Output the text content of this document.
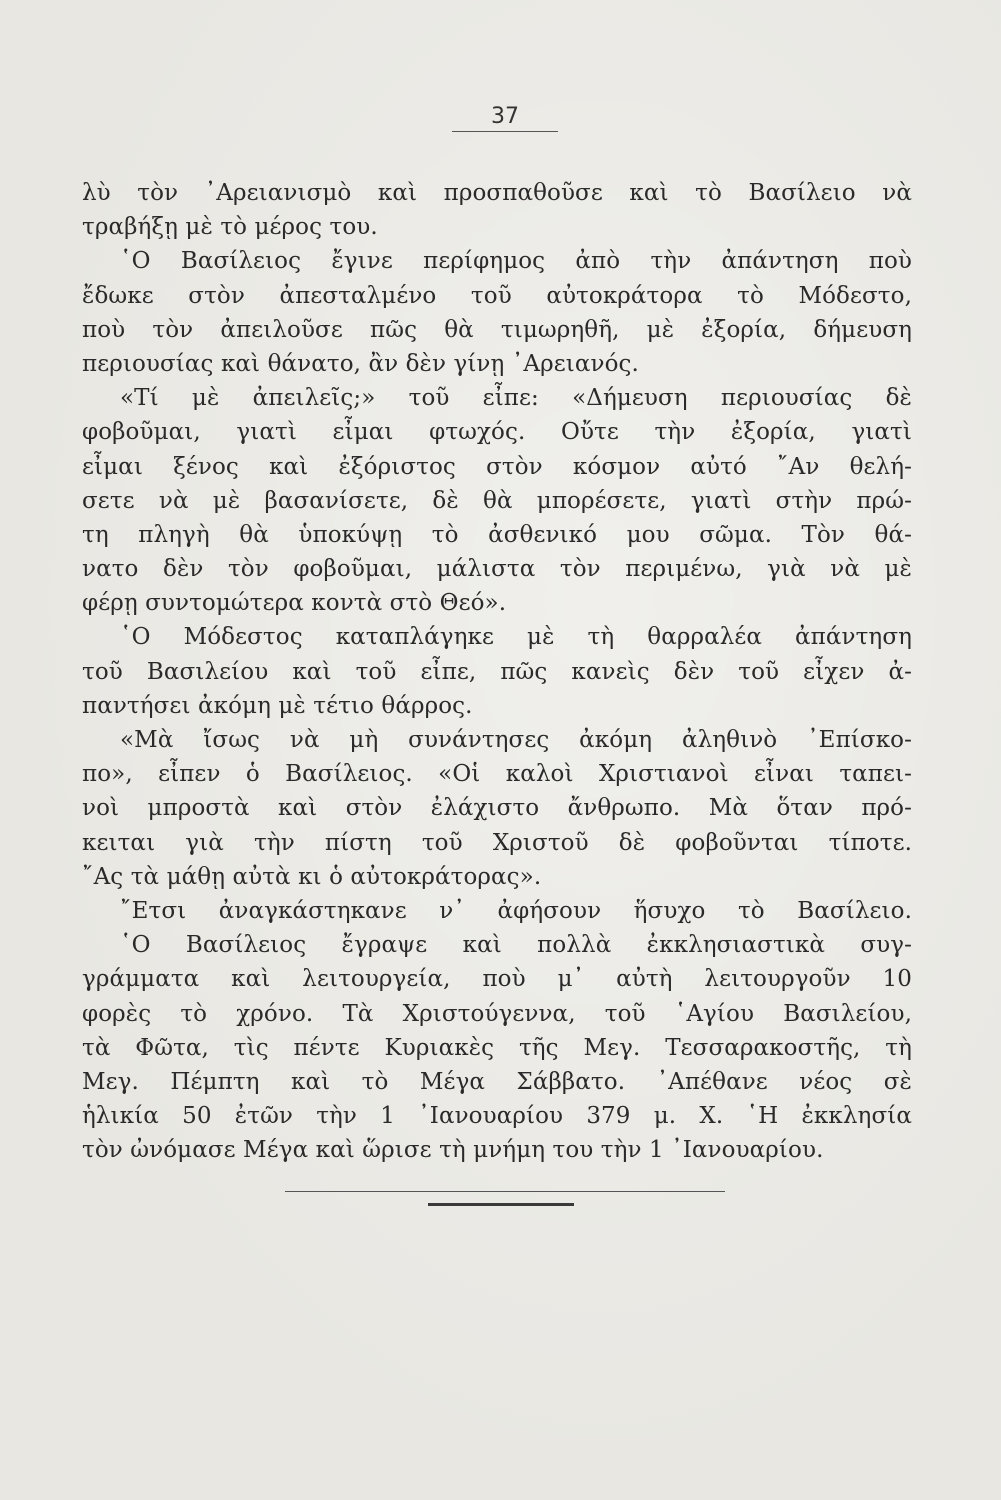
37
λὺ τὸν ᾿Αρειανισμὸ καὶ προσπαθοῦσε καὶ τὸ Βασίλειο νὰ
τραβήξῃ μὲ τὸ μέρος του.
῾Ο Βασίλειος ἔγινε περίφημος ἀπὸ τὴν ἀπάντηση ποὺ
ἔδωκε στὸν ἀπεσταλμένο τοῦ αὐτοκράτορα τὸ Μόδεστο,
ποὺ τὸν ἀπειλοῦσε πῶς θὰ τιμωρηθῆ, μὲ ἐξορία, δήμευση
περιουσίας καὶ θάνατο, ἂν δὲν γίνῃ ᾿Αρειανός.
«Τί μὲ ἀπειλεῖς;» τοῦ εἶπε: «Δήμευση περιουσίας δὲ
φοβοῦμαι, γιατὶ εἶμαι φτωχός. Οὔτε τὴν ἐξορία, γιατὶ
εἶμαι ξένος καὶ ἐξόριστος στὸν κόσμον αὐτό ῎Αν θελή-
σετε νὰ μὲ βασανίσετε, δὲ θὰ μπορέσετε, γιατὶ στὴν πρώ-
τη πληγὴ θὰ ὑποκύψῃ τὸ ἀσθενικό μου σῶμα. Τὸν θά-
νατο δὲν τὸν φοβοῦμαι, μάλιστα τὸν περιμένω, γιὰ νὰ μὲ
φέρῃ συντομώτερα κοντὰ στὸ Θεό».
῾Ο Μόδεστος καταπλάγηκε μὲ τὴ θαρραλέα ἀπάντηση
τοῦ Βασιλείου καὶ τοῦ εἶπε, πῶς κανεὶς δὲν τοῦ εἶχεν ἀ-
παντήσει ἀκόμη μὲ τέτιο θάρρος.
«Μὰ ἴσως νὰ μὴ συνάντησες ἀκόμη ἀληθινὸ ᾿Επίσκο-
πο», εἶπεν ὁ Βασίλειος. «Οἱ καλοὶ Χριστιανοὶ εἶναι ταπει-
νοὶ μπροστὰ καὶ στὸν ἐλάχιστο ἄνθρωπο. Μὰ ὅταν πρό-
κειται γιὰ τὴν πίστη τοῦ Χριστοῦ δὲ φοβοῦνται τίποτε.
῎Ας τὰ μάθῃ αὐτὰ κι ὁ αὐτοκράτορας».
῎Ετσι ἀναγκάστηκανε ν᾿ ἀφήσουν ἥσυχο τὸ Βασίλειο.
῾Ο Βασίλειος ἔγραψε καὶ πολλὰ ἐκκλησιαστικὰ συγ-
γράμματα καὶ λειτουργεία, ποὺ μ᾿ αὐτὴ λειτουργοῦν 10
φορὲς τὸ χρόνο. Τὰ Χριστούγεννα, τοῦ ῾Αγίου Βασιλείου,
τὰ Φῶτα, τὶς πέντε Κυριακὲς τῆς Μεγ. Τεσσαρακοστῆς, τὴ
Μεγ. Πέμπτη καὶ τὸ Μέγα Σάββατο. ᾿Απέθανε νέος σὲ
ἡλικία 50 ἐτῶν τὴν 1 ᾿Ιανουαρίου 379 μ. Χ. ῾Η ἐκκλησία
τὸν ὠνόμασε Μέγα καὶ ὥρισε τὴ μνήμη του τὴν 1 ᾿Ιανουαρίου.
